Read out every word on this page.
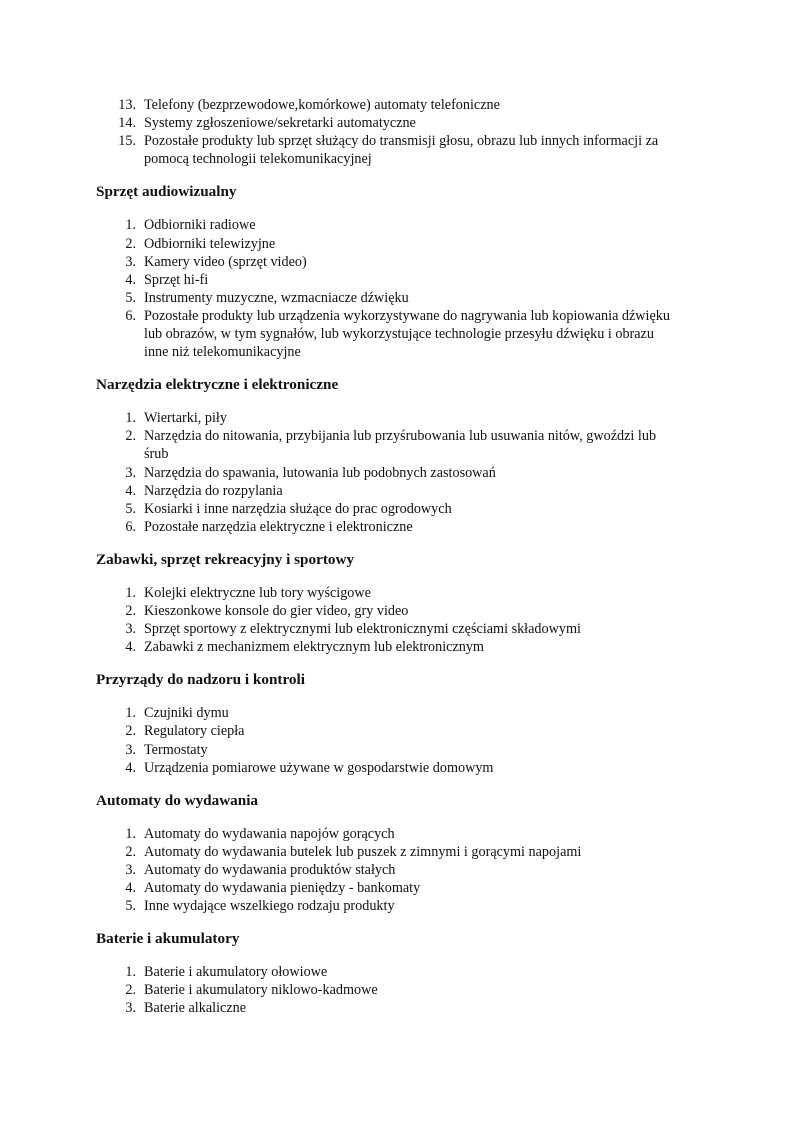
13. Telefony (bezprzewodowe,komórkowe) automaty telefoniczne
14. Systemy zgłoszeniowe/sekretarki automatyczne
15. Pozostałe produkty lub sprzęt służący do transmisji głosu, obrazu lub innych informacji za
pomocą technologii telekomunikacyjnej
Sprzęt audiowizualny
1. Odbiorniki radiowe
2. Odbiorniki telewizyjne
3. Kamery video (sprzęt video)
4. Sprzęt hi-fi
5. Instrumenty muzyczne, wzmacniacze dźwięku
6. Pozostałe produkty lub urządzenia wykorzystywane do nagrywania lub kopiowania dźwięku
lub obrazów, w tym sygnałów, lub wykorzystujące technologie przesyłu dźwięku i obrazu
inne niż telekomunikacyjne
Narzędzia elektryczne i elektroniczne
1. Wiertarki, piły
2. Narzędzia do nitowania, przybijania lub przyśrubowania lub usuwania nitów, gwoździ lub
śrub
3. Narzędzia do spawania, lutowania lub podobnych zastosowań
4. Narzędzia do rozpylania
5. Kosiarki i inne narzędzia służące do prac ogrodowych
6. Pozostałe narzędzia elektryczne i elektroniczne
Zabawki, sprzęt rekreacyjny i sportowy
1. Kolejki elektryczne lub tory wyścigowe
2. Kieszonkowe konsole do gier video, gry video
3. Sprzęt sportowy z elektrycznymi lub elektronicznymi częściami składowymi
4. Zabawki z mechanizmem elektrycznym lub elektronicznym
Przyrządy do nadzoru i kontroli
1. Czujniki dymu
2. Regulatory ciepła
3. Termostaty
4. Urządzenia pomiarowe używane w gospodarstwie domowym
Automaty do wydawania
1. Automaty do wydawania napojów gorących
2. Automaty do wydawania butelek lub puszek z zimnymi i gorącymi napojami
3. Automaty do wydawania produktów stałych
4. Automaty do wydawania pieniędzy - bankomaty
5. Inne wydające wszelkiego rodzaju produkty
Baterie i akumulatory
1. Baterie i akumulatory ołowiowe
2. Baterie i akumulatory niklowo-kadmowe
3. Baterie alkaliczne
